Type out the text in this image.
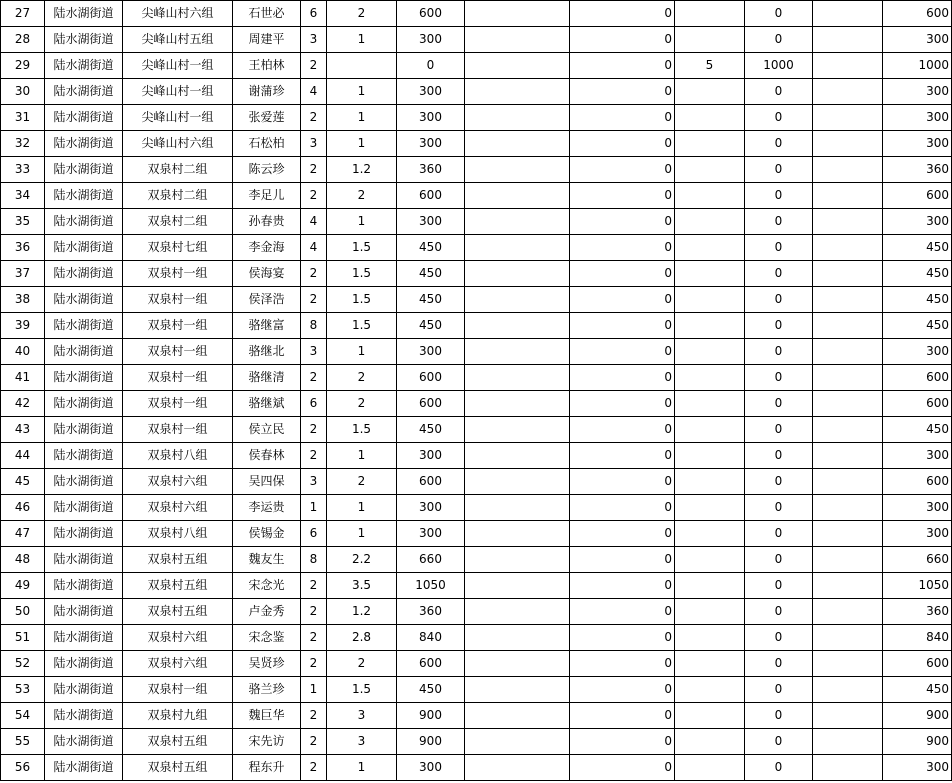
27	陆水湖街道	尖峰山村六组	石世必	6	2	600		0		0		600
28	陆水湖街道	尖峰山村五组	周建平	3	1	300		0		0		300
29	陆水湖街道	尖峰山村一组	王柏林	2		0		0	5	1000		1000
30	陆水湖街道	尖峰山村一组	谢蒲珍	4	1	300		0		0		300
31	陆水湖街道	尖峰山村一组	张爱莲	2	1	300		0		0		300
32	陆水湖街道	尖峰山村六组	石松柏	3	1	300		0		0		300
33	陆水湖街道	双泉村二组	陈云珍	2	1.2	360		0		0		360
34	陆水湖街道	双泉村二组	李足儿	2	2	600		0		0		600
35	陆水湖街道	双泉村二组	孙春贵	4	1	300		0		0		300
36	陆水湖街道	双泉村七组	李金海	4	1.5	450		0		0		450
37	陆水湖街道	双泉村一组	侯海宴	2	1.5	450		0		0		450
38	陆水湖街道	双泉村一组	侯泽浩	2	1.5	450		0		0		450
39	陆水湖街道	双泉村一组	骆继富	8	1.5	450		0		0		450
40	陆水湖街道	双泉村一组	骆继北	3	1	300		0		0		300
41	陆水湖街道	双泉村一组	骆继清	2	2	600		0		0		600
42	陆水湖街道	双泉村一组	骆继斌	6	2	600		0		0		600
43	陆水湖街道	双泉村一组	侯立民	2	1.5	450		0		0		450
44	陆水湖街道	双泉村八组	侯春林	2	1	300		0		0		300
45	陆水湖街道	双泉村六组	吴四保	3	2	600		0		0		600
46	陆水湖街道	双泉村六组	李运贵	1	1	300		0		0		300
47	陆水湖街道	双泉村八组	侯锡金	6	1	300		0		0		300
48	陆水湖街道	双泉村五组	魏友生	8	2.2	660		0		0		660
49	陆水湖街道	双泉村五组	宋念光	2	3.5	1050		0		0		1050
50	陆水湖街道	双泉村五组	卢金秀	2	1.2	360		0		0		360
51	陆水湖街道	双泉村六组	宋念鉴	2	2.8	840		0		0		840
52	陆水湖街道	双泉村六组	吴贤珍	2	2	600		0		0		600
53	陆水湖街道	双泉村一组	骆兰珍	1	1.5	450		0		0		450
54	陆水湖街道	双泉村九组	魏巨华	2	3	900		0		0		900
55	陆水湖街道	双泉村五组	宋先访	2	3	900		0		0		900
56	陆水湖街道	双泉村五组	程东升	2	1	300		0		0		300
